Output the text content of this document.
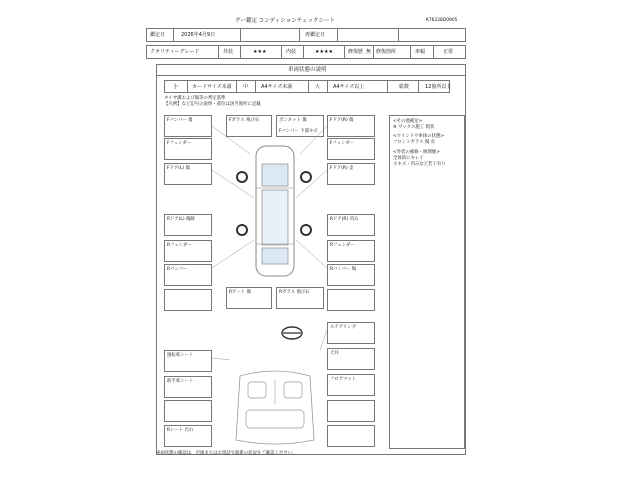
グー鑑定 コンディションチェックシート	K76228D0905
鑑定日	2026年4月9日	再鑑定日
クオリティーグレード	外装	★★★	内装	★★★★	修復歴 無 修復箇所	車幅	正常
車両状態の説明
小	カードサイズ未満 中	A4サイズ未満	大	A4サイズ以上	総数	12箇所以上
タイヤ溝および傷等の判定基準
【凡例】など記号の説明・部位は該当箇所に記載
Fバンパー 傷
Fフェンダー
Fドア(L) 傷
Rドア(L) 傷跡
Rフェンダー
Rバンパー
Fガラス 飛び石	ボンネット 傷
Fバンパー 下部キズ
Fドア(R) 傷
Fフェンダー
Fドア(R) 歪
Rドア(R) 凹み
Rフェンダー
Rバンパー 傷
Rゲート 傷	Rガラス 飛び石
運転席シート
助手席シート
Rシート 汚れ
ステアリング
天井
フロアマット
<その他補足>
※ ワックス施工 現状
<ウインドウ車体の状態>
フロントガラス 傷 有
<外装の補修・修理歴>
全体的にキレイ
小キズ・凹みなど若干有り
車両状態の確認は、店頭またはお電話で最新の状況をご確認ください。
